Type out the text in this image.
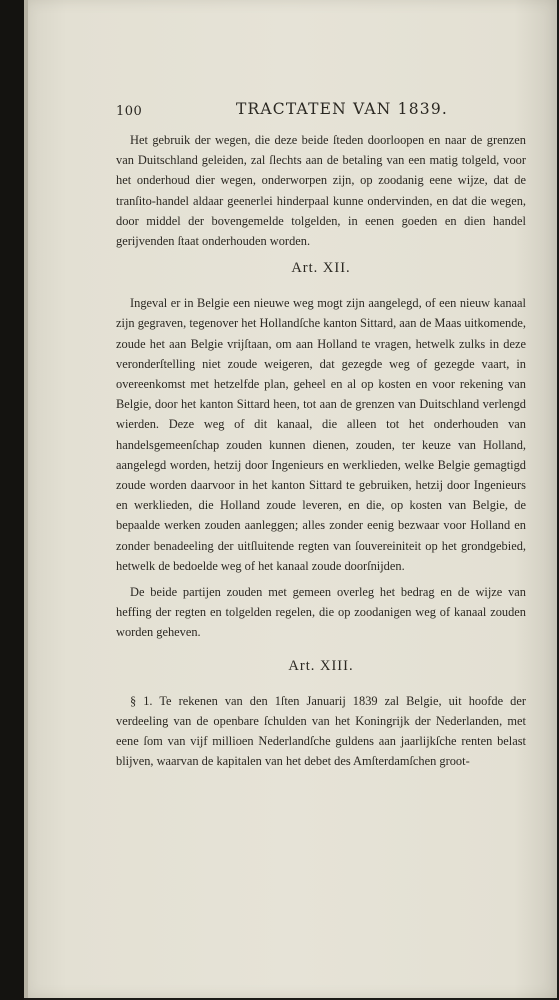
100	TRACTATEN VAN 1839.

Het gebruik der wegen, die deze beide ſteden doorloopen en naar de grenzen van Duitschland geleiden, zal ſlechts aan de betaling van een matig tolgeld, voor het onderhoud dier wegen, onderworpen zijn, op zoodanig eene wijze, dat de tranſito-handel aldaar geenerlei hinderpaal kunne ondervinden, en dat die wegen, door middel der bovengemelde tolgelden, in eenen goeden en dien handel gerijvenden ſtaat onderhouden worden.

Art. XII.

Ingeval er in Belgie een nieuwe weg mogt zijn aangelegd, of een nieuw kanaal zijn gegraven, tegenover het Hollandſche kanton Sittard, aan de Maas uitkomende, zoude het aan Belgie vrijſtaan, om aan Holland te vragen, hetwelk zulks in deze veronderſtelling niet zoude weigeren, dat gezegde weg of gezegde vaart, in overeenkomst met hetzelfde plan, geheel en al op kosten en voor rekening van Belgie, door het kanton Sittard heen, tot aan de grenzen van Duitschland verlengd wierden. Deze weg of dit kanaal, die alleen tot het onderhouden van handelsgemeenſchap zouden kunnen dienen, zouden, ter keuze van Holland, aangelegd worden, hetzij door Ingenieurs en werklieden, welke Belgie gemagtigd zoude worden daarvoor in het kanton Sittard te gebruiken, hetzij door Ingenieurs en werklieden, die Holland zoude leveren, en die, op kosten van Belgie, de bepaalde werken zouden aanleggen; alles zonder eenig bezwaar voor Holland en zonder benadeeling der uitſluitende regten van ſouvereiniteit op het grondgebied, hetwelk de bedoelde weg of het kanaal zoude doorſnijden.

De beide partijen zouden met gemeen overleg het bedrag en de wijze van heffing der regten en tolgelden regelen, die op zoodanigen weg of kanaal zouden worden geheven.

Art. XIII.

§ 1. Te rekenen van den 1ſten Januarij 1839 zal Belgie, uit hoofde der verdeeling van de openbare ſchulden van het Koningrijk der Nederlanden, met eene ſom van vijf millioen Nederlandſche guldens aan jaarlijkſche renten belast blijven, waarvan de kapitalen van het debet des Amſterdamſchen groot-
